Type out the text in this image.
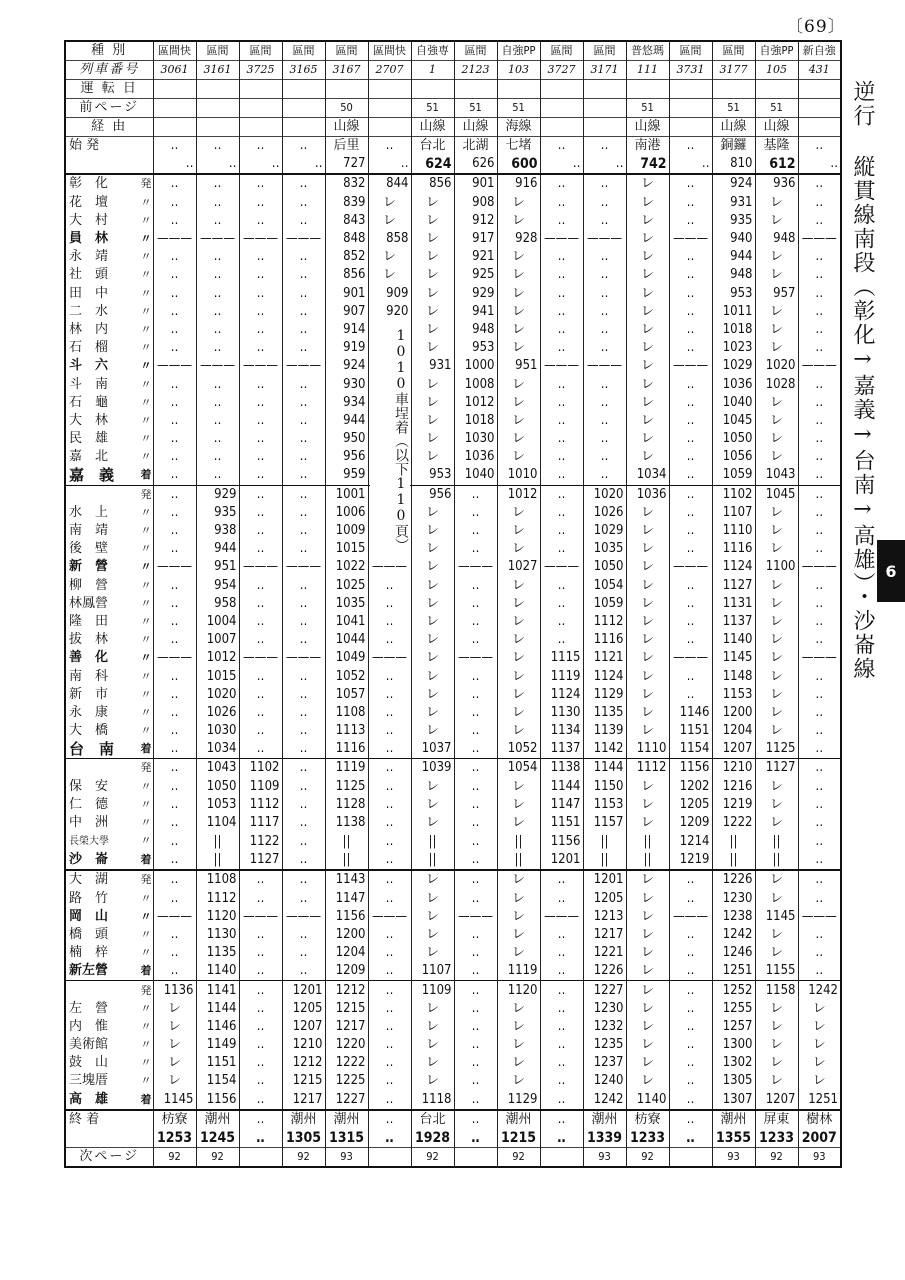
〔69〕
種 別	區間快	區間	區間	區間	區間	區間快	自強専	區間	自強PP	區間	區間	普悠瑪	區間	區間	自強PP	新自強
列車番号	3061	3161	3725	3165	3167	2707	1	2123	103	3727	3171	111	3731	3177	105	431
運 転 日																
前ページ					50		51	51	51			51		51	51	
経 由					山線		山線	山線	海線			山線		山線	山線	
始 発	‥	‥	‥	‥	后里	‥	台北	北湖	七堵	‥	‥	南港	‥	銅鑼	基隆	‥
	‥	‥	‥	‥	727	‥	624	626	600	‥	‥	742	‥	810	612	‥

発
彰　化	‥	‥	‥	‥	832	844	856	901	916	‥	‥	レ	‥	924	936	‥

〃
花　壇	‥	‥	‥	‥	839	レ	レ	908	レ	‥	‥	レ	‥	931	レ	‥

〃
大　村	‥	‥	‥	‥	843	レ	レ	912	レ	‥	‥	レ	‥	935	レ	‥

〃
員　林	———	———	———	———	848	858	レ	917	928	———	———	レ	———	940	948	———

〃
永　靖	‥	‥	‥	‥	852	レ	レ	921	レ	‥	‥	レ	‥	944	レ	‥

〃
社　頭	‥	‥	‥	‥	856	レ	レ	925	レ	‥	‥	レ	‥	948	レ	‥

〃
田　中	‥	‥	‥	‥	901	909	レ	929	レ	‥	‥	レ	‥	953	957	‥

〃
二　水	‥	‥	‥	‥	907	920	レ	941	レ	‥	‥	レ	‥	1011	レ	‥

〃
林　内	‥	‥	‥	‥	914		レ	948	レ	‥	‥	レ	‥	1018	レ	‥

〃
石　榴	‥	‥	‥	‥	919		レ	953	レ	‥	‥	レ	‥	1023	レ	‥

〃
斗　六	———	———	———	———	924		931	1000	951	———	———	レ	———	1029	1020	———

〃
斗　南	‥	‥	‥	‥	930		レ	1008	レ	‥	‥	レ	‥	1036	1028	‥

〃
石　龜	‥	‥	‥	‥	934		レ	1012	レ	‥	‥	レ	‥	1040	レ	‥

〃
大　林	‥	‥	‥	‥	944		レ	1018	レ	‥	‥	レ	‥	1045	レ	‥

〃
民　雄	‥	‥	‥	‥	950		レ	1030	レ	‥	‥	レ	‥	1050	レ	‥

〃
嘉　北	‥	‥	‥	‥	956		レ	1036	レ	‥	‥	レ	‥	1056	レ	‥

着
嘉　義	‥	‥	‥	‥	959		953	1040	1010	‥	‥	1034	‥	1059	1043	‥

発	‥	929	‥	‥	1001		956	‥	1012	‥	1020	1036	‥	1102	1045	‥

〃
水　上	‥	935	‥	‥	1006		レ	‥	レ	‥	1026	レ	‥	1107	レ	‥

〃
南　靖	‥	938	‥	‥	1009		レ	‥	レ	‥	1029	レ	‥	1110	レ	‥

〃
後　壁	‥	944	‥	‥	1015		レ	‥	レ	‥	1035	レ	‥	1116	レ	‥

〃
新　營	———	951	———	———	1022	———	レ	———	1027	———	1050	レ	———	1124	1100	———

〃
柳　營	‥	954	‥	‥	1025	‥	レ	‥	レ	‥	1054	レ	‥	1127	レ	‥

〃
林鳳營	‥	958	‥	‥	1035	‥	レ	‥	レ	‥	1059	レ	‥	1131	レ	‥

〃
隆　田	‥	1004	‥	‥	1041	‥	レ	‥	レ	‥	1112	レ	‥	1137	レ	‥

〃
拔　林	‥	1007	‥	‥	1044	‥	レ	‥	レ	‥	1116	レ	‥	1140	レ	‥

〃
善　化	———	1012	———	———	1049	———	レ	———	レ	1115	1121	レ	———	1145	レ	———

〃
南　科	‥	1015	‥	‥	1052	‥	レ	‥	レ	1119	1124	レ	‥	1148	レ	‥

〃
新　市	‥	1020	‥	‥	1057	‥	レ	‥	レ	1124	1129	レ	‥	1153	レ	‥

〃
永　康	‥	1026	‥	‥	1108	‥	レ	‥	レ	1130	1135	レ	1146	1200	レ	‥

〃
大　橋	‥	1030	‥	‥	1113	‥	レ	‥	レ	1134	1139	レ	1151	1204	レ	‥

着
台　南	‥	1034	‥	‥	1116	‥	1037	‥	1052	1137	1142	1110	1154	1207	1125	‥

発	‥	1043	1102	‥	1119	‥	1039	‥	1054	1138	1144	1112	1156	1210	1127	‥

〃
保　安	‥	1050	1109	‥	1125	‥	レ	‥	レ	1144	1150	レ	1202	1216	レ	‥

〃
仁　德	‥	1053	1112	‥	1128	‥	レ	‥	レ	1147	1153	レ	1205	1219	レ	‥

〃
中　洲	‥	1104	1117	‥	1138	‥	レ	‥	レ	1151	1157	レ	1209	1222	レ	‥

〃
長榮大學	‥	||	1122	‥	||	‥	||	‥	||	1156	||	||	1214	||	||	‥

着
沙　崙	‥	||	1127	‥	||	‥	||	‥	||	1201	||	||	1219	||	||	‥

発
大　湖	‥	1108	‥	‥	1143	‥	レ	‥	レ	‥	1201	レ	‥	1226	レ	‥

〃
路　竹	‥	1112	‥	‥	1147	‥	レ	‥	レ	‥	1205	レ	‥	1230	レ	‥

〃
岡　山	———	1120	———	———	1156	———	レ	———	レ	———	1213	レ	———	1238	1145	———

〃
橋　頭	‥	1130	‥	‥	1200	‥	レ	‥	レ	‥	1217	レ	‥	1242	レ	‥

〃
楠　梓	‥	1135	‥	‥	1204	‥	レ	‥	レ	‥	1221	レ	‥	1246	レ	‥

着
新左營	‥	1140	‥	‥	1209	‥	1107	‥	1119	‥	1226	レ	‥	1251	1155	‥

発	1136	1141	‥	1201	1212	‥	1109	‥	1120	‥	1227	レ	‥	1252	1158	1242

〃
左　營	レ	1144	‥	1205	1215	‥	レ	‥	レ	‥	1230	レ	‥	1255	レ	レ

〃
内　惟	レ	1146	‥	1207	1217	‥	レ	‥	レ	‥	1232	レ	‥	1257	レ	レ

〃
美術館	レ	1149	‥	1210	1220	‥	レ	‥	レ	‥	1235	レ	‥	1300	レ	レ

〃
鼓　山	レ	1151	‥	1212	1222	‥	レ	‥	レ	‥	1237	レ	‥	1302	レ	レ

〃
三塊厝	レ	1154	‥	1215	1225	‥	レ	‥	レ	‥	1240	レ	‥	1305	レ	レ

着
高　雄	1145	1156	‥	1217	1227	‥	1118	‥	1129	‥	1242	1140	‥	1307	1207	1251
終 着	枋寮	潮州	‥	潮州	潮州	‥	台北	‥	潮州	‥	潮州	枋寮	‥	潮州	屏東	樹林
	1253	1245	‥	1305	1315	‥	1928	‥	1215	‥	1339	1233	‥	1355	1233	2007
次ページ	92	92		92	93		92		92		93	92		93	92	93
逆行 縦貫線南段（彰化→嘉義→台南→高雄）・沙崙線 6
1010車埕着（以下110頁）
